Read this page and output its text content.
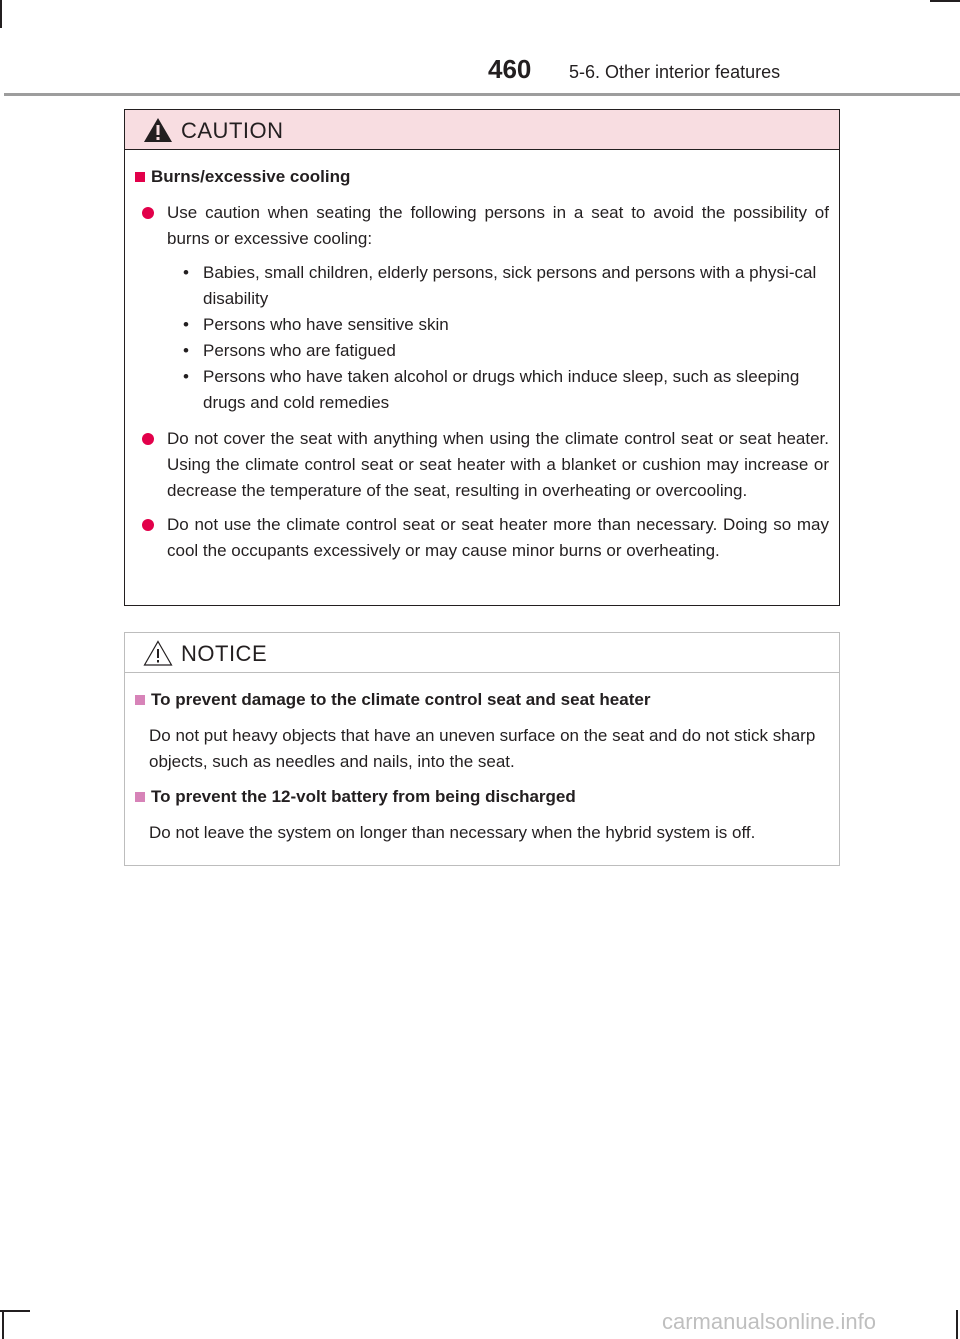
460 5-6. Other interior features
CAUTION
Burns/excessive cooling
Use caution when seating the following persons in a seat to avoid the possibility of burns or excessive cooling:
• Babies, small children, elderly persons, sick persons and persons with a physi-cal disability
• Persons who have sensitive skin
• Persons who are fatigued
• Persons who have taken alcohol or drugs which induce sleep, such as sleeping drugs and cold remedies
Do not cover the seat with anything when using the climate control seat or seat heater. Using the climate control seat or seat heater with a blanket or cushion may increase or decrease the temperature of the seat, resulting in overheating or overcooling.
Do not use the climate control seat or seat heater more than necessary. Doing so may cool the occupants excessively or may cause minor burns or overheating.
NOTICE
To prevent damage to the climate control seat and seat heater
Do not put heavy objects that have an uneven surface on the seat and do not stick sharp objects, such as needles and nails, into the seat.
To prevent the 12-volt battery from being discharged
Do not leave the system on longer than necessary when the hybrid system is off.
carmanualsonline.info
